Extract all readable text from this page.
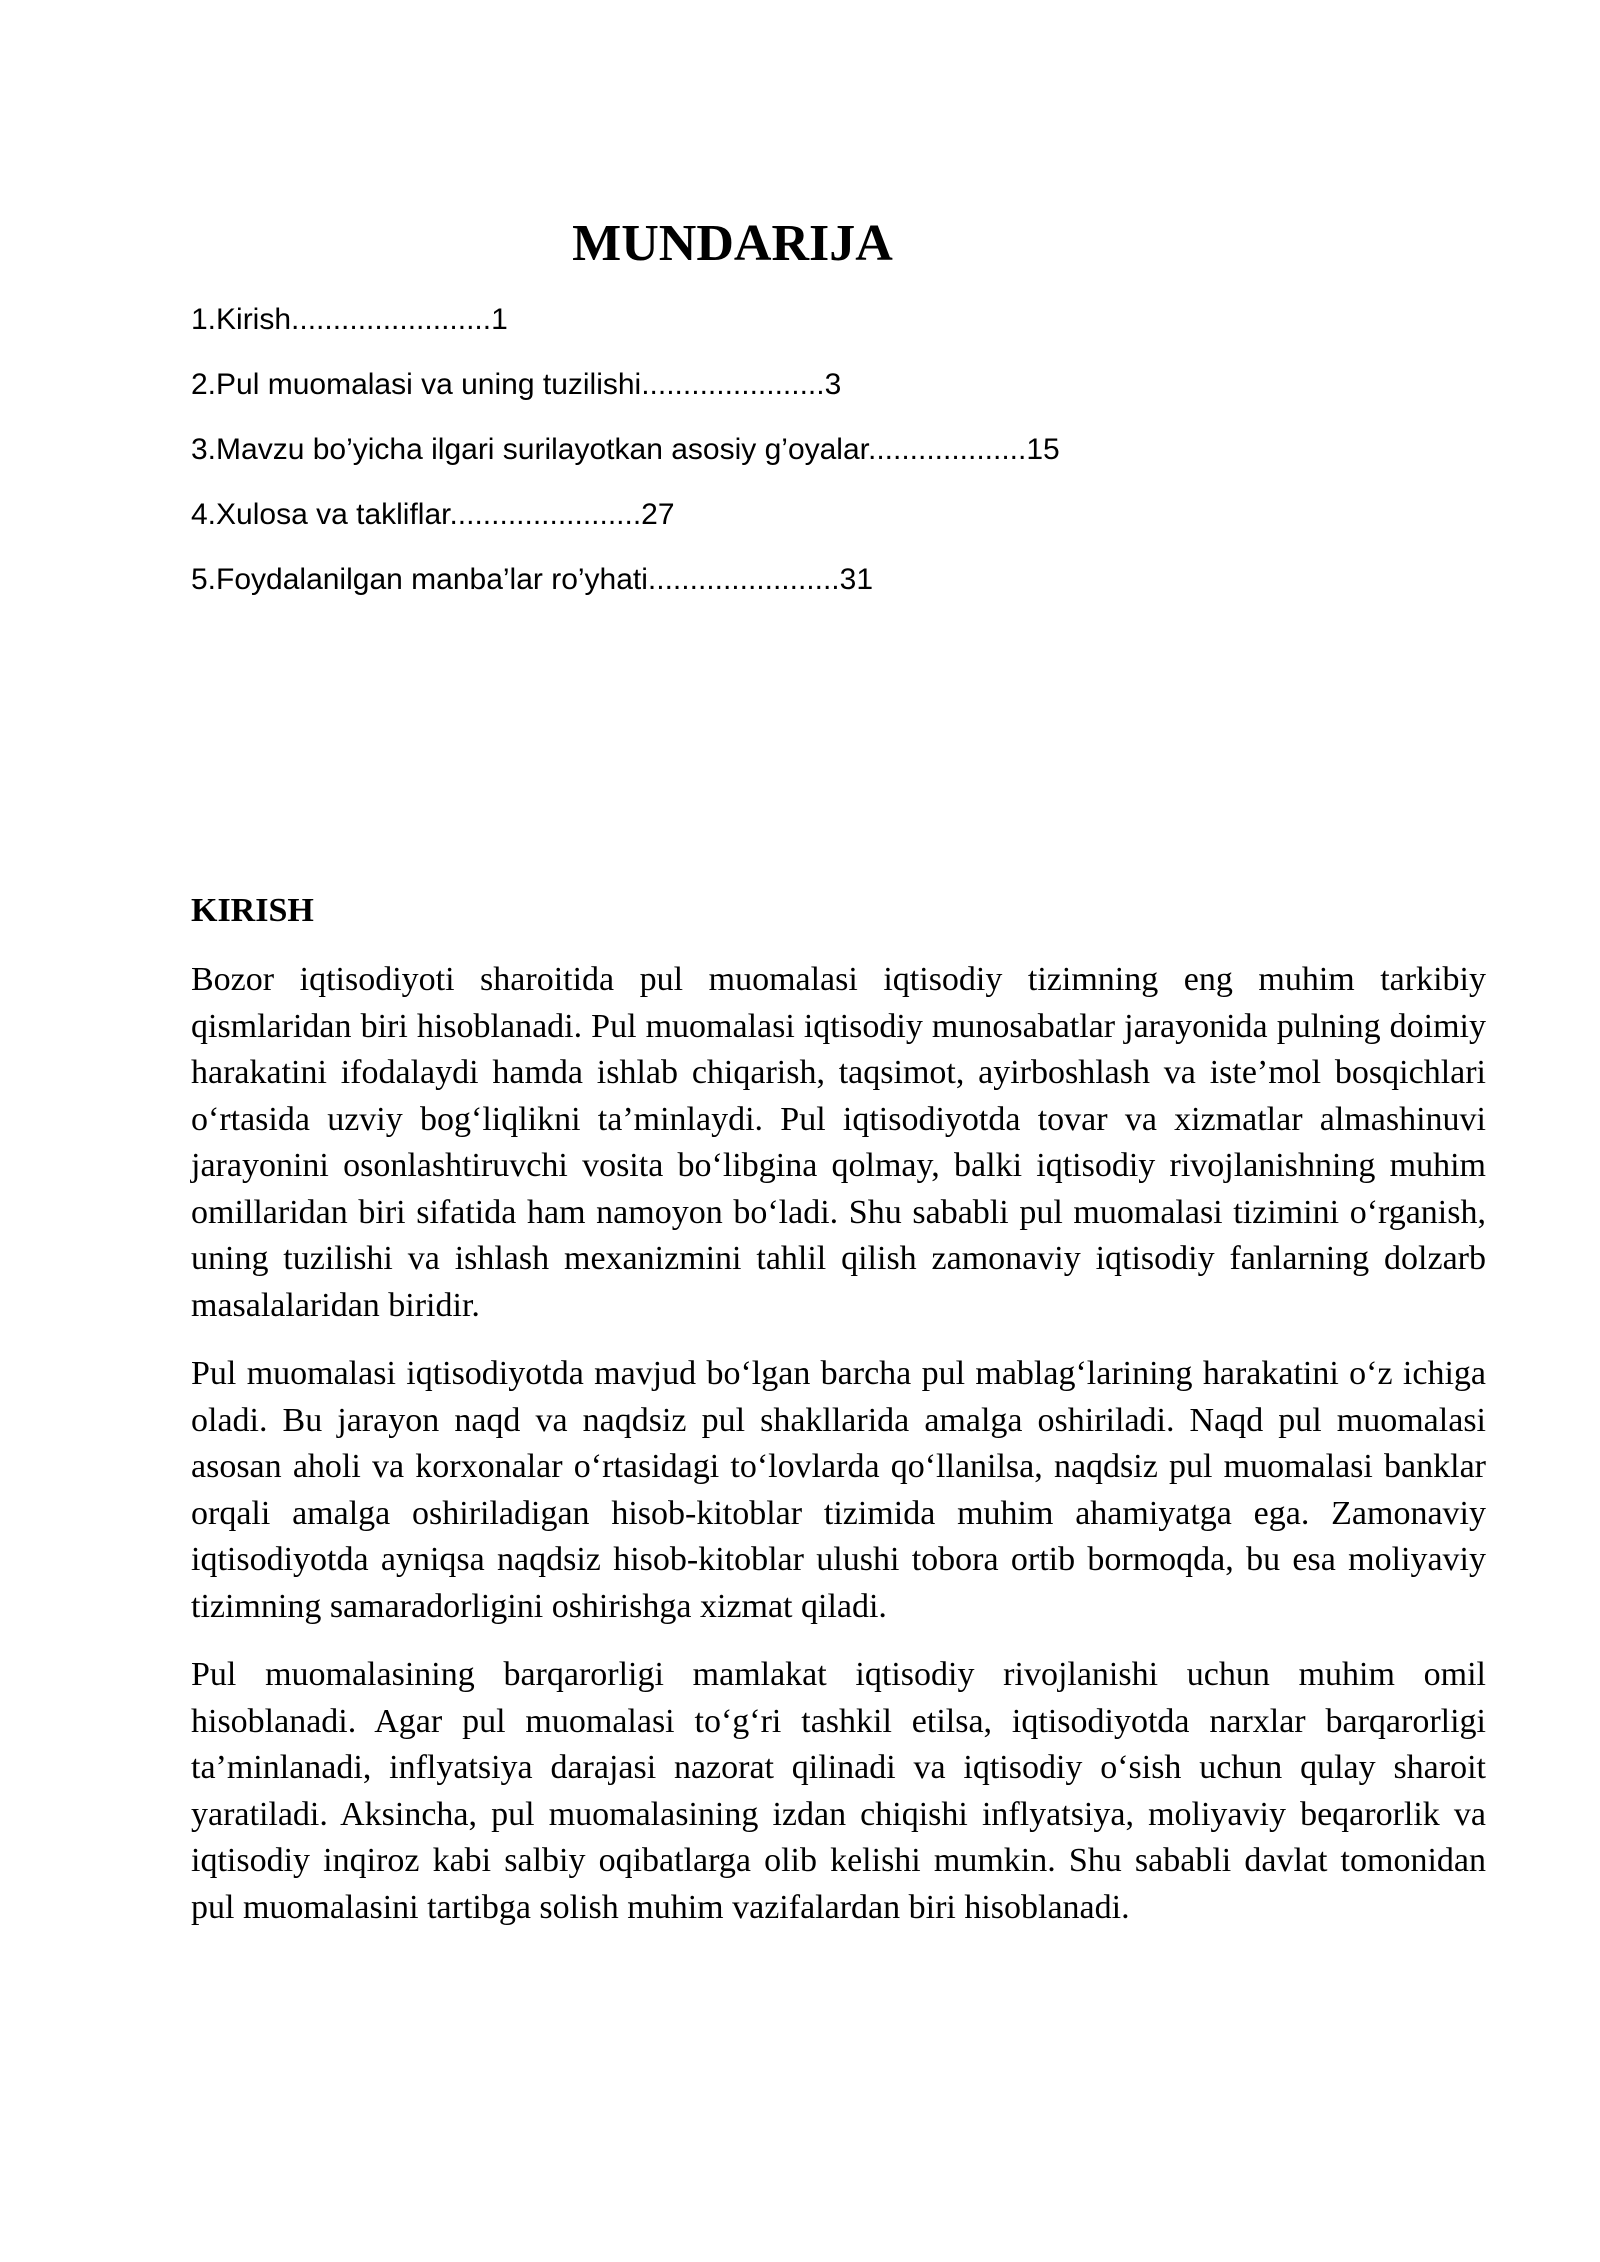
MUNDARIJA
1.Kirish........................1
2.Pul muomalasi va uning tuzilishi......................3
3.Mavzu bo’yicha ilgari surilayotkan asosiy g’oyalar...................15
4.Xulosa va takliflar.......................27
5.Foydalanilgan manba’lar ro’yhati.......................31
KIRISH

Bozor iqtisodiyoti sharoitida pul muomalasi iqtisodiy tizimning eng muhim tarkibiy qismlaridan biri hisoblanadi. Pul muomalasi iqtisodiy munosabatlar jarayonida pulning doimiy harakatini ifodalaydi hamda ishlab chiqarish, taqsimot, ayirboshlash va iste’mol bosqichlari oʻrtasida uzviy bogʻliqlikni ta’minlaydi. Pul iqtisodiyotda tovar va xizmatlar almashinuvi jarayonini osonlashtiruvchi vosita boʻlibgina qolmay, balki iqtisodiy rivojlanishning muhim omillaridan biri sifatida ham namoyon boʻladi. Shu sababli pul muomalasi tizimini oʻrganish, uning tuzilishi va ishlash mexanizmini tahlil qilish zamonaviy iqtisodiy fanlarning dolzarb masalalaridan biridir.

Pul muomalasi iqtisodiyotda mavjud boʻlgan barcha pul mablagʻlarining harakatini oʻz ichiga oladi. Bu jarayon naqd va naqdsiz pul shakllarida amalga oshiriladi. Naqd pul muomalasi asosan aholi va korxonalar oʻrtasidagi toʻlovlarda qoʻllanilsa, naqdsiz pul muomalasi banklar orqali amalga oshiriladigan hisob-kitoblar tizimida muhim ahamiyatga ega. Zamonaviy iqtisodiyotda ayniqsa naqdsiz hisob-kitoblar ulushi tobora ortib bormoqda, bu esa moliyaviy tizimning samaradorligini oshirishga xizmat qiladi.

Pul muomalasining barqarorligi mamlakat iqtisodiy rivojlanishi uchun muhim omil hisoblanadi. Agar pul muomalasi toʻgʻri tashkil etilsa, iqtisodiyotda narxlar barqarorligi ta’minlanadi, inflyatsiya darajasi nazorat qilinadi va iqtisodiy oʻsish uchun qulay sharoit yaratiladi. Aksincha, pul muomalasining izdan chiqishi inflyatsiya, moliyaviy beqarorlik va iqtisodiy inqiroz kabi salbiy oqibatlarga olib kelishi mumkin. Shu sababli davlat tomonidan pul muomalasini tartibga solish muhim vazifalardan biri hisoblanadi.
